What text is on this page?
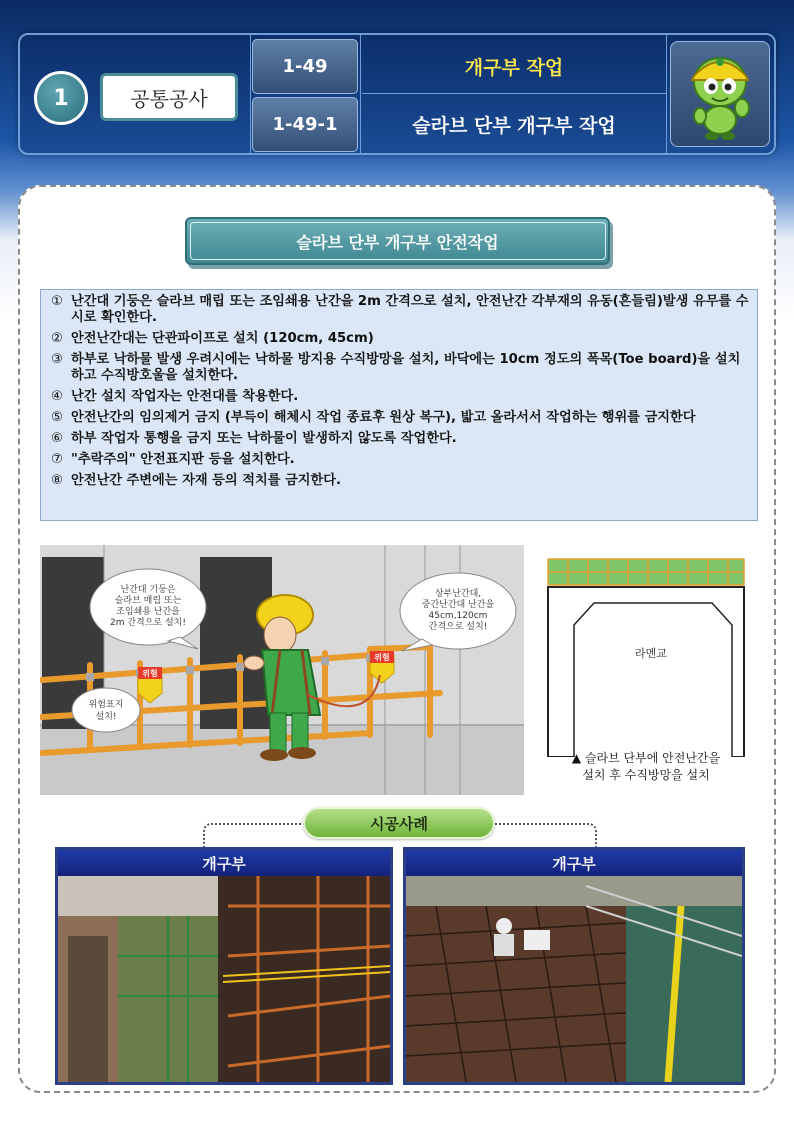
1	공통공사
1-49
1-49-1
개구부 작업
슬라브 단부 개구부 작업
슬라브 단부 개구부 안전작업
① 난간대 기둥은 슬라브 매립 또는 조임쇄용 난간을 2m 간격으로 설치, 안전난간 각부재의 유동(흔들림)발생 유무를 수시로 확인한다.
② 안전난간대는 단관파이프로 설치 (120cm, 45cm)
③ 하부로 낙하물 발생 우려시에는 낙하물 방지용 수직방망을 설치, 바닥에는 10cm 정도의 폭목(Toe board)을 설치하고 수직방호울을 설치한다.
④ 난간 설치 작업자는 안전대를 착용한다.
⑤ 안전난간의 임의제거 금지 (부득이 해체시 작업 종료후 원상 복구), 밟고 올라서서 작업하는 행위를 금지한다
⑥ 하부 작업자 통행을 금지 또는 낙하물이 발생하지 않도록 작업한다.
⑦ "추락주의" 안전표지판 등을 설치한다.
⑧ 안전난간 주변에는 자재 등의 적치를 금지한다.
위험
위험
난간대 기둥은
슬라브 매립 또는
조임쇄용 난간을
2m 간격으로 설치!
상부난간대,
중간난간대 난간을
45cm,120cm
간격으로 설치!
위험표지
설치!
라멘교
▲ 슬라브 단부에 안전난간을
설치 후 수직방망을 설치
시공사례
개구부	개구부
